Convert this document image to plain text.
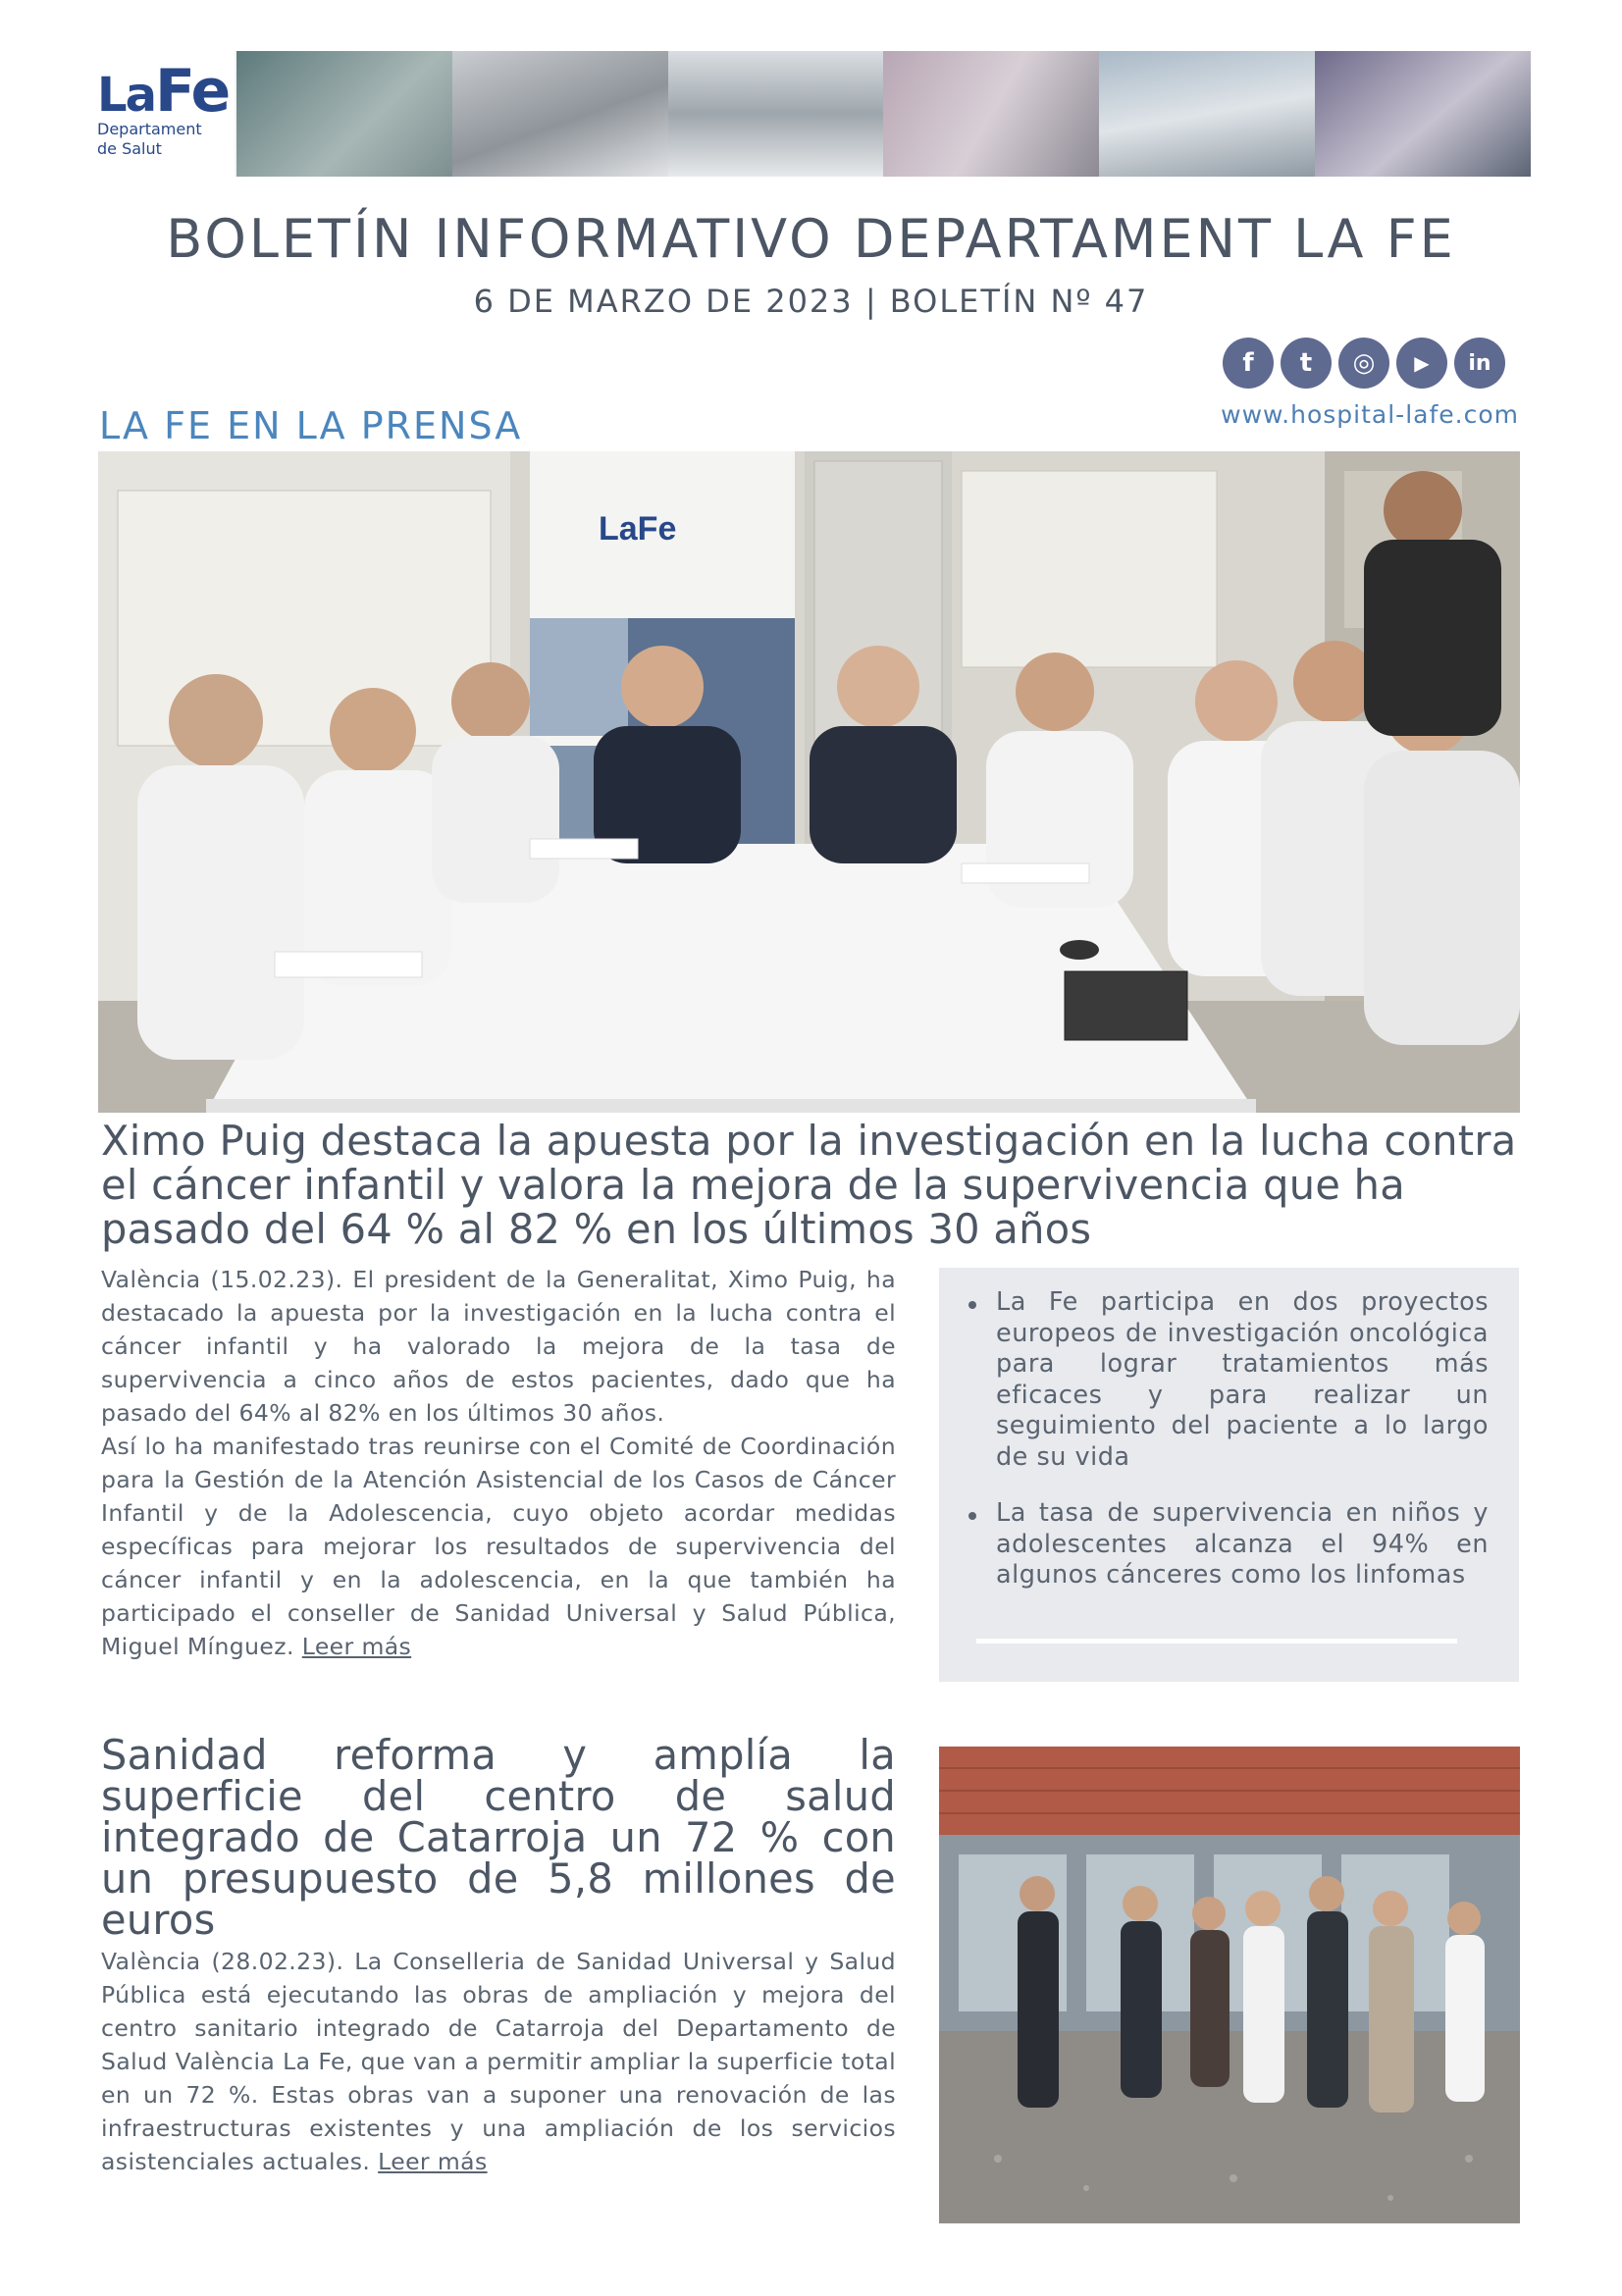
LaFe
Departament
de Salut
BOLETÍN INFORMATIVO DEPARTAMENT LA FE
6 DE MARZO DE 2023 | BOLETÍN Nº 47
f	t	◎	▶	in
www.hospital-lafe.com
LA FE EN LA PRENSA
LaFe
Ximo Puig destaca la apuesta por la investigación en la lucha contra el cáncer infantil y valora la mejora de la supervivencia que ha pasado del 64 % al 82 % en los últimos 30 años

València (15.02.23). El president de la Generalitat, Ximo Puig, ha destacado la apuesta por la investigación en la lucha contra el cáncer infantil y ha valorado la mejora de la tasa de supervivencia a cinco años de estos pacientes, dado que ha pasado del 64% al 82% en los últimos 30 años.

Así lo ha manifestado tras reunirse con el Comité de Coordinación para la Gestión de la Atención Asistencial de los Casos de Cáncer Infantil y de la Adolescencia, cuyo objeto acordar medidas específicas para mejorar los resultados de supervivencia del cáncer infantil y en la adolescencia, en la que también ha participado el conseller de Sanidad Universal y Salud Pública, Miguel Mínguez. Leer más

La Fe participa en dos proyectos europeos de investigación oncológica para lograr tratamientos más eficaces y para realizar un seguimiento del paciente a lo largo de su vida
La tasa de supervivencia en niños y adolescentes alcanza el 94% en algunos cánceres como los linfomas
Sanidad reforma y amplía la superficie del centro de salud integrado de Catarroja un 72 % con un presupuesto de 5,8 millones de euros
València (28.02.23). La Conselleria de Sanidad Universal y Salud Pública está ejecutando las obras de ampliación y mejora del centro sanitario integrado de Catarroja del Departamento de Salud València La Fe, que van a permitir ampliar la superficie total en un 72 %. Estas obras van a suponer una renovación de las infraestructuras existentes y una ampliación de los servicios asistenciales actuales. Leer más
